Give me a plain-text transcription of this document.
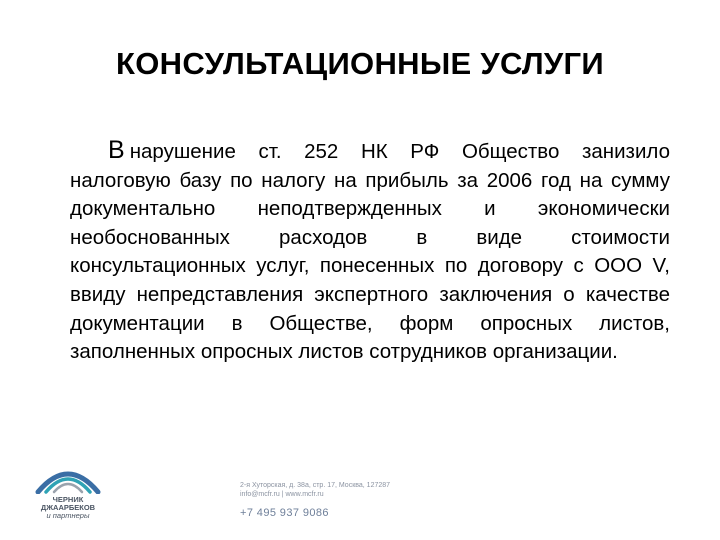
КОНСУЛЬТАЦИОННЫЕ УСЛУГИ

В нарушение ст. 252 НК РФ Общество занизило налоговую базу по налогу на прибыль за 2006 год на сумму документально неподтвержденных и экономически необоснованных расходов в виде стоимости консультационных услуг, понесенных по договору с ООО V, ввиду непредставления экспертного заключения о качестве документации в Обществе, форм опросных листов, заполненных опросных листов сотрудников организации.

ЧЕРНИК
ДЖААРБЕКОВ
и партнеры
2-я Хуторская, д. 38а, стр. 17, Москва, 127287
info@mcfr.ru | www.mcfr.ru
+7 495 937 9086
